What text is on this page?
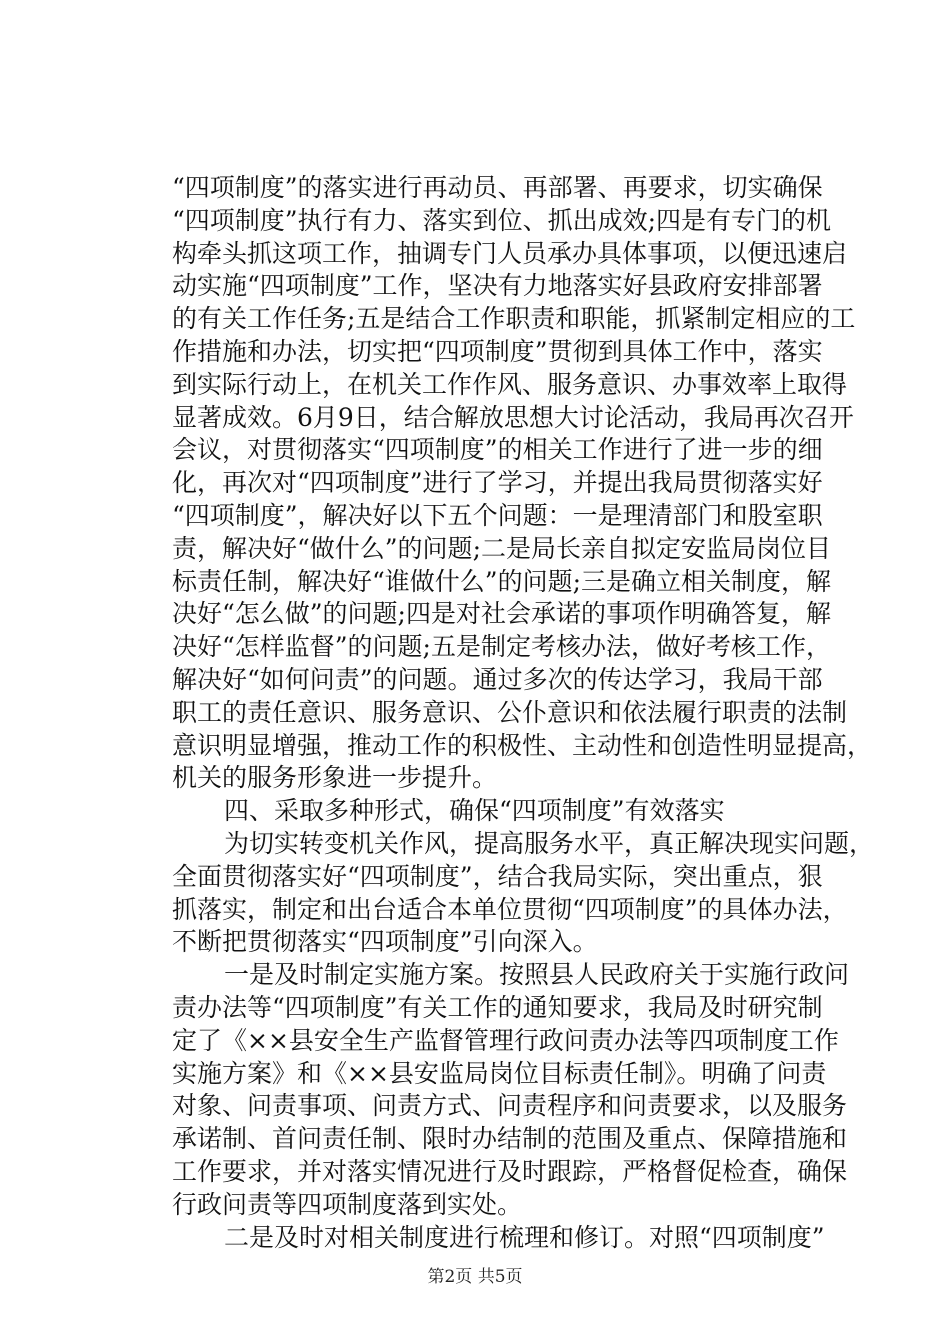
“四项制度”的落实进行再动员、再部署、再要求，切实确保
“四项制度”执行有力、落实到位、抓出成效;四是有专门的机
构牵头抓这项工作，抽调专门人员承办具体事项，以便迅速启
动实施“四项制度”工作，坚决有力地落实好县政府安排部署
的有关工作任务;五是结合工作职责和职能，抓紧制定相应的工
作措施和办法，切实把“四项制度”贯彻到具体工作中，落实
到实际行动上，在机关工作作风、服务意识、办事效率上取得
显著成效。6月9日，结合解放思想大讨论活动，我局再次召开
会议，对贯彻落实“四项制度”的相关工作进行了进一步的细
化，再次对“四项制度”进行了学习，并提出我局贯彻落实好
“四项制度”，解决好以下五个问题：一是理清部门和股室职
责，解决好“做什么”的问题;二是局长亲自拟定安监局岗位目
标责任制，解决好“谁做什么”的问题;三是确立相关制度，解
决好“怎么做”的问题;四是对社会承诺的事项作明确答复，解
决好“怎样监督”的问题;五是制定考核办法，做好考核工作，
解决好“如何问责”的问题。通过多次的传达学习，我局干部
职工的责任意识、服务意识、公仆意识和依法履行职责的法制
意识明显增强，推动工作的积极性、主动性和创造性明显提高，
机关的服务形象进一步提升。
四、采取多种形式，确保“四项制度”有效落实
为切实转变机关作风，提高服务水平，真正解决现实问题，
全面贯彻落实好“四项制度”，结合我局实际，突出重点，狠
抓落实，制定和出台适合本单位贯彻“四项制度”的具体办法，
不断把贯彻落实“四项制度”引向深入。
一是及时制定实施方案。按照县人民政府关于实施行政问
责办法等“四项制度”有关工作的通知要求，我局及时研究制
定了《××县安全生产监督管理行政问责办法等四项制度工作
实施方案》和《××县安监局岗位目标责任制》。明确了问责
对象、问责事项、问责方式、问责程序和问责要求，以及服务
承诺制、首问责任制、限时办结制的范围及重点、保障措施和
工作要求，并对落实情况进行及时跟踪，严格督促检查，确保
行政问责等四项制度落到实处。
二是及时对相关制度进行梳理和修订。对照“四项制度”
第2页 共5页
